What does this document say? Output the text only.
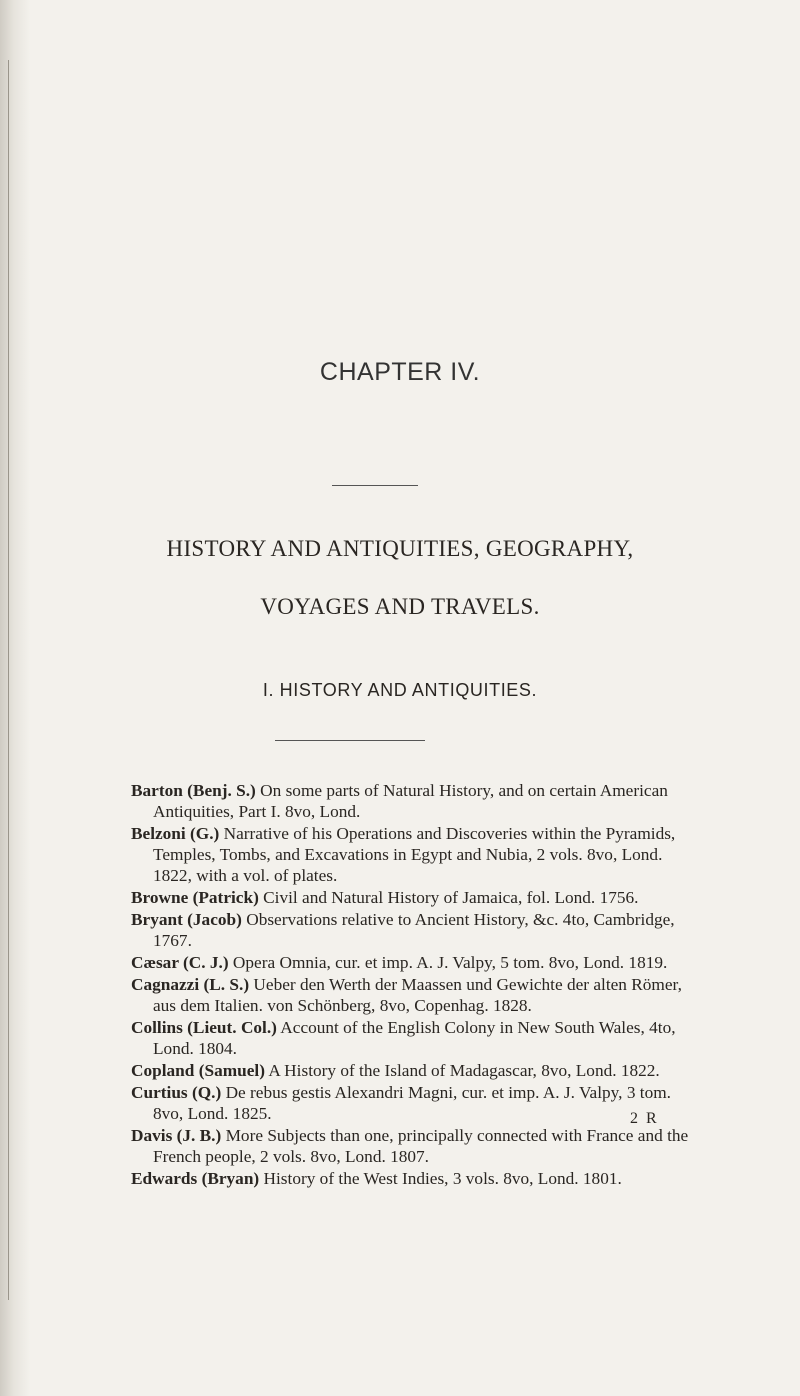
CHAPTER IV.
HISTORY AND ANTIQUITIES, GEOGRAPHY,
VOYAGES AND TRAVELS.
I. HISTORY AND ANTIQUITIES.

Barton (Benj. S.) On some parts of Natural History, and on certain American Antiquities, Part I. 8vo, Lond.

Belzoni (G.) Narrative of his Operations and Discoveries within the Pyramids, Temples, Tombs, and Excavations in Egypt and Nubia, 2 vols. 8vo, Lond. 1822, with a vol. of plates.

Browne (Patrick) Civil and Natural History of Jamaica, fol. Lond. 1756.

Bryant (Jacob) Observations relative to Ancient History, &c. 4to, Cambridge, 1767.

Cæsar (C. J.) Opera Omnia, cur. et imp. A. J. Valpy, 5 tom. 8vo, Lond. 1819.

Cagnazzi (L. S.) Ueber den Werth der Maassen und Gewichte der alten Römer, aus dem Italien. von Schönberg, 8vo, Copenhag. 1828.

Collins (Lieut. Col.) Account of the English Colony in New South Wales, 4to, Lond. 1804.

Copland (Samuel) A History of the Island of Madagascar, 8vo, Lond. 1822.

Curtius (Q.) De rebus gestis Alexandri Magni, cur. et imp. A. J. Valpy, 3 tom. 8vo, Lond. 1825.

Davis (J. B.) More Subjects than one, principally connected with France and the French people, 2 vols. 8vo, Lond. 1807.

Edwards (Bryan) History of the West Indies, 3 vols. 8vo, Lond. 1801.

2 R
